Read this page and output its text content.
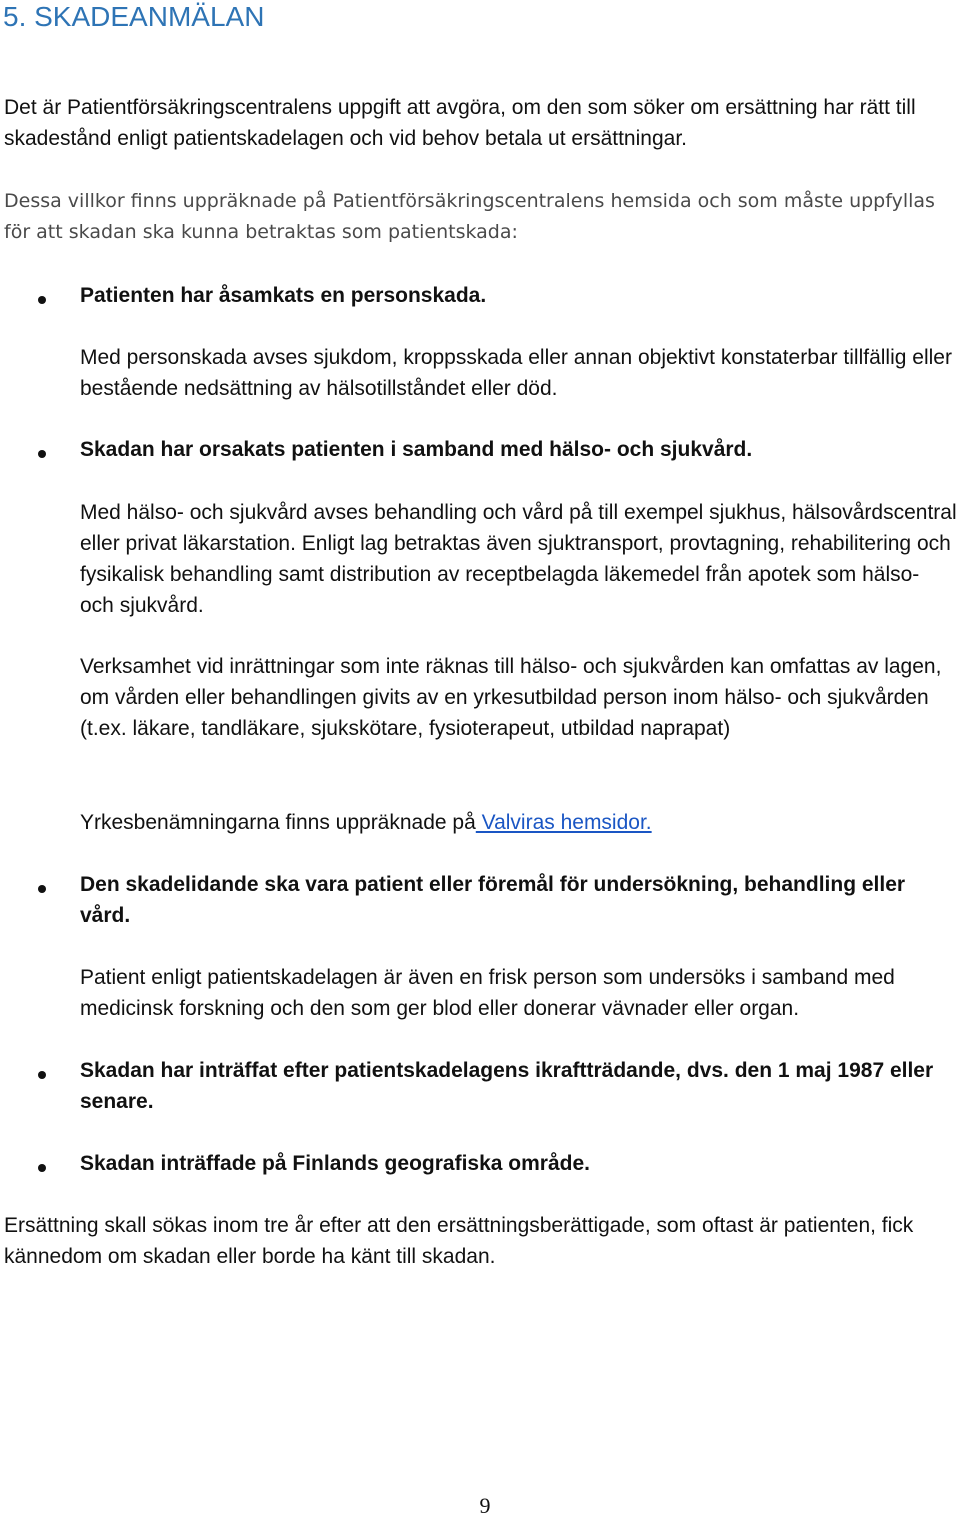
5. SKADEANMÄLAN

Det är Patientförsäkringscentralens uppgift att avgöra, om den som söker om ersättning har rätt till skadestånd enligt patientskadelagen och vid behov betala ut ersättningar.

Dessa villkor finns uppräknade på Patientförsäkringscentralens hemsida och som måste uppfyllas för att skadan ska kunna betraktas som patientskada:

Patienten har åsamkats en personskada.

Med personskada avses sjukdom, kroppsskada eller annan objektivt konstaterbar tillfällig eller bestående nedsättning av hälsotillståndet eller död.

Skadan har orsakats patienten i samband med hälso- och sjukvård.

Med hälso- och sjukvård avses behandling och vård på till exempel sjukhus, hälsovårdscentral eller privat läkarstation. Enligt lag betraktas även sjuktransport, provtagning, rehabilitering och fysikalisk behandling samt distribution av receptbelagda läkemedel från apotek som hälso- och sjukvård.

Verksamhet vid inrättningar som inte räknas till hälso- och sjukvården kan omfattas av lagen, om vården eller behandlingen givits av en yrkesutbildad person inom hälso- och sjukvården (t.ex. läkare, tandläkare, sjukskötare, fysioterapeut, utbildad naprapat)

Yrkesbenämningarna finns uppräknade på Valviras hemsidor.

Den skadelidande ska vara patient eller föremål för undersökning, behandling eller vård.

Patient enligt patientskadelagen är även en frisk person som undersöks i samband med medicinsk forskning och den som ger blod eller donerar vävnader eller organ.

Skadan har inträffat efter patientskadelagens ikraftträdande, dvs. den 1 maj 1987 eller senare.

Skadan inträffade på Finlands geografiska område.

Ersättning skall sökas inom tre år efter att den ersättningsberättigade, som oftast är patienten, fick kännedom om skadan eller borde ha känt till skadan.

9
